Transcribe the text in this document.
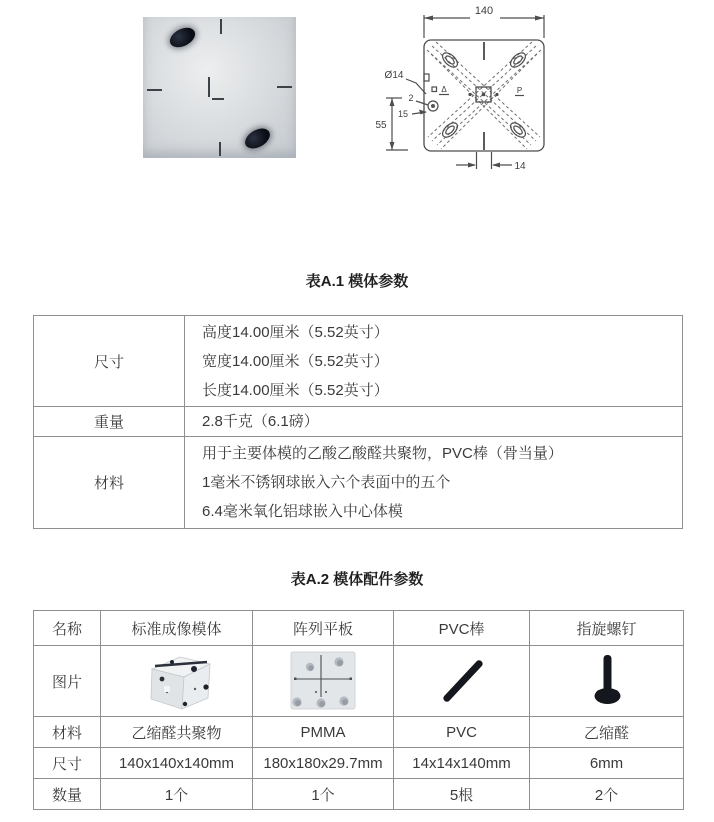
140
Ø14
2
15
55
14
Δ	P
表A.1 模体参数
尺寸	高度14.00厘米（5.52英寸）
宽度14.00厘米（5.52英寸）
长度14.00厘米（5.52英寸）

重量	2.8千克（6.1磅）

材料	用于主要体模的乙酸乙酸醛共聚物，PVC棒（骨当量）
1毫米不锈钢球嵌入六个表面中的五个
6.4毫米氧化铝球嵌入中心体模
表A.2 模体配件参数
名称	标准成像模体	阵列平板	PVC棒	指旋螺钉
图片	

材料	乙缩醛共聚物	PMMA	PVC	乙缩醛
尺寸	140x140x140mm	180x180x29.7mm	14x14x140mm	6mm
数量	1个	1个	5根	2个
